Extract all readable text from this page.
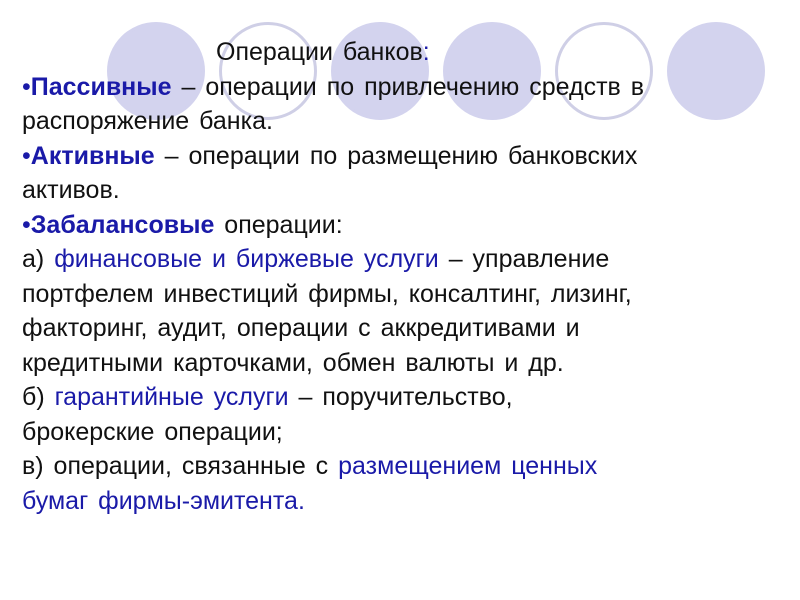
Операции банков:
•Пассивные – операции по привлечению средств в
распоряжение банка.
•Активные – операции по размещению банковских
активов.
•Забалансовые операции:
а) финансовые и биржевые услуги – управление
портфелем инвестиций фирмы, консалтинг, лизинг,
факторинг, аудит, операции с аккредитивами и
кредитными карточками, обмен валюты и др.
б) гарантийные услуги – поручительство,
брокерские операции;
в) операции, связанные с размещением ценных
бумаг фирмы-эмитента.
